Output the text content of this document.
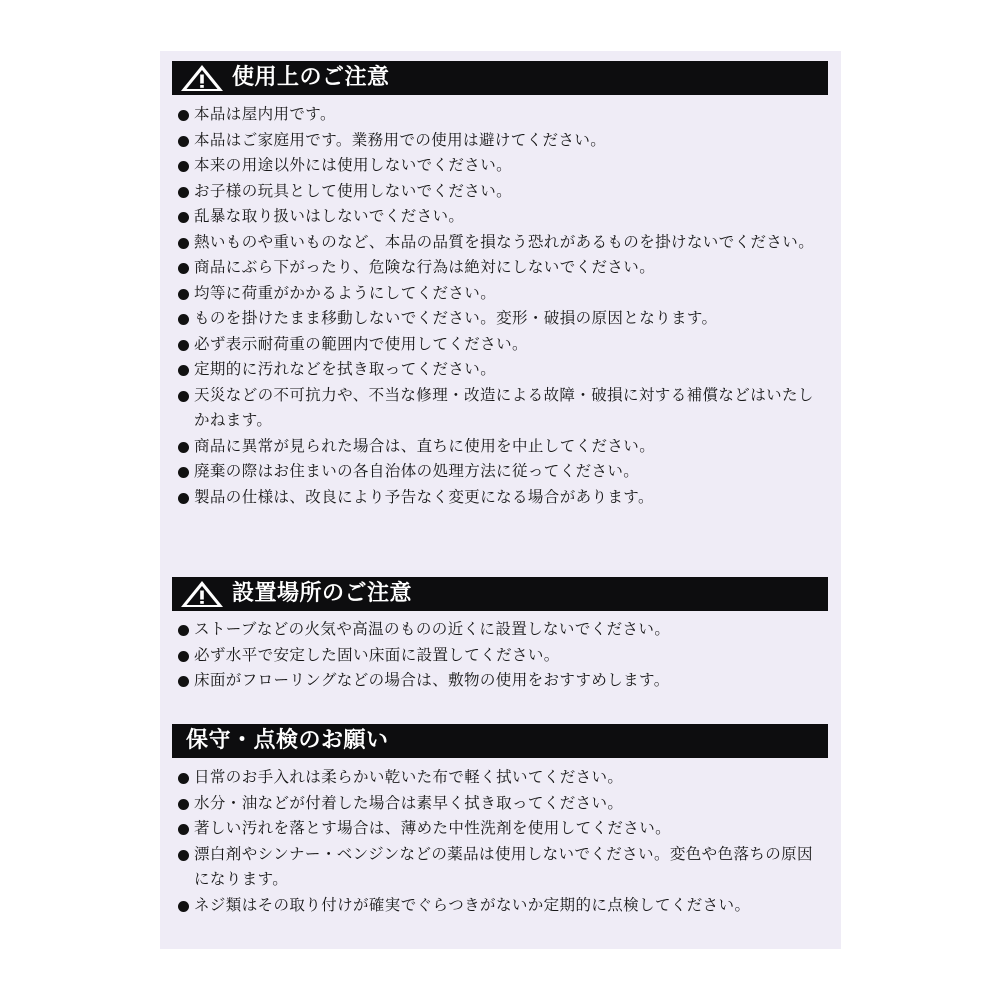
使用上のご注意
本品は屋内用です。
本品はご家庭用です。業務用での使用は避けてください。
本来の用途以外には使用しないでください。
お子様の玩具として使用しないでください。
乱暴な取り扱いはしないでください。
熱いものや重いものなど、本品の品質を損なう恐れがあるものを掛けないでください。
商品にぶら下がったり、危険な行為は絶対にしないでください。
均等に荷重がかかるようにしてください。
ものを掛けたまま移動しないでください。変形・破損の原因となります。
必ず表示耐荷重の範囲内で使用してください。
定期的に汚れなどを拭き取ってください。
天災などの不可抗力や、不当な修理・改造による故障・破損に対する補償などはいたしかねます。
商品に異常が見られた場合は、直ちに使用を中止してください。
廃棄の際はお住まいの各自治体の処理方法に従ってください。
製品の仕様は、改良により予告なく変更になる場合があります。
設置場所のご注意
ストーブなどの火気や高温のものの近くに設置しないでください。
必ず水平で安定した固い床面に設置してください。
床面がフローリングなどの場合は、敷物の使用をおすすめします。
保守・点検のお願い
日常のお手入れは柔らかい乾いた布で軽く拭いてください。
水分・油などが付着した場合は素早く拭き取ってください。
著しい汚れを落とす場合は、薄めた中性洗剤を使用してください。
漂白剤やシンナー・ベンジンなどの薬品は使用しないでください。変色や色落ちの原因になります。
ネジ類はその取り付けが確実でぐらつきがないか定期的に点検してください。
